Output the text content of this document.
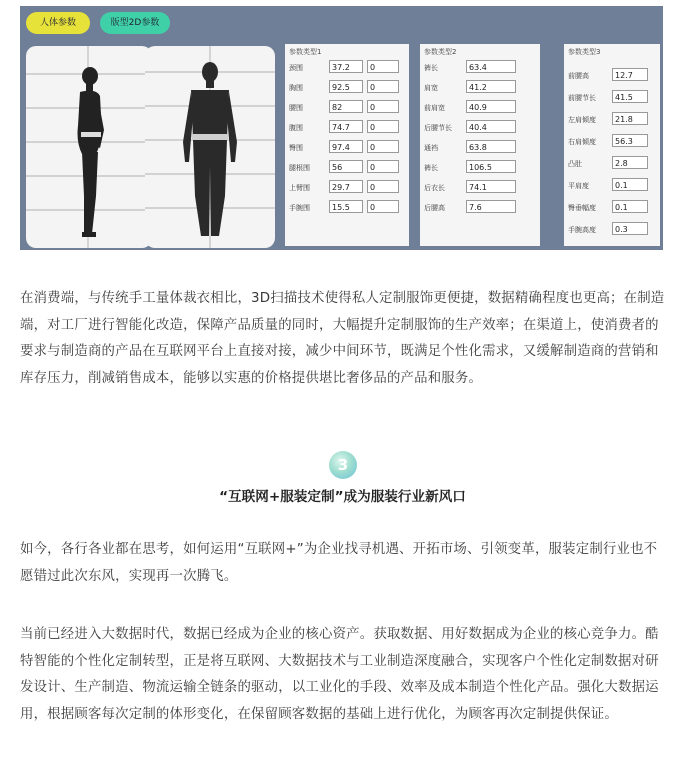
人体参数	版型2D参数
参数类型1
颈围	37.2	0
胸围	92.5	0
腰围	82	0
腹围	74.7	0
臀围	97.4	0
腿根围	56	0
上臂围	29.7	0
手腕围	15.5	0
参数类型2
裤长	63.4
肩宽	41.2
前肩宽	40.9
后腰节长	40.4
通裆	63.8
裤长	106.5
后衣长	74.1
后腰高	7.6
参数类型3
前腰高	12.7
前腰节长	41.5
左肩倾度	21.8
右肩倾度	56.3
凸肚	2.8
平肩度	0.1
臀垂幅度	0.1
手腕高度	0.3

在消费端，与传统手工量体裁衣相比，3D扫描技术使得私人定制服饰更便捷，数据精确程度也更高；在制造端，对工厂进行智能化改造，保障产品质量的同时，大幅提升定制服饰的生产效率；在渠道上，使消费者的要求与制造商的产品在互联网平台上直接对接，减少中间环节，既满足个性化需求，又缓解制造商的营销和库存压力，削减销售成本，能够以实惠的价格提供堪比奢侈品的产品和服务。

3
“互联网+服装定制”成为服装行业新风口

如今，各行各业都在思考，如何运用“互联网+”为企业找寻机遇、开拓市场、引领变革，服装定制行业也不愿错过此次东风，实现再一次腾飞。

当前已经进入大数据时代，数据已经成为企业的核心资产。获取数据、用好数据成为企业的核心竞争力。酷特智能的个性化定制转型，正是将互联网、大数据技术与工业制造深度融合，实现客户个性化定制数据对研发设计、生产制造、物流运输全链条的驱动，以工业化的手段、效率及成本制造个性化产品。强化大数据运用，根据顾客每次定制的体形变化，在保留顾客数据的基础上进行优化，为顾客再次定制提供保证。
